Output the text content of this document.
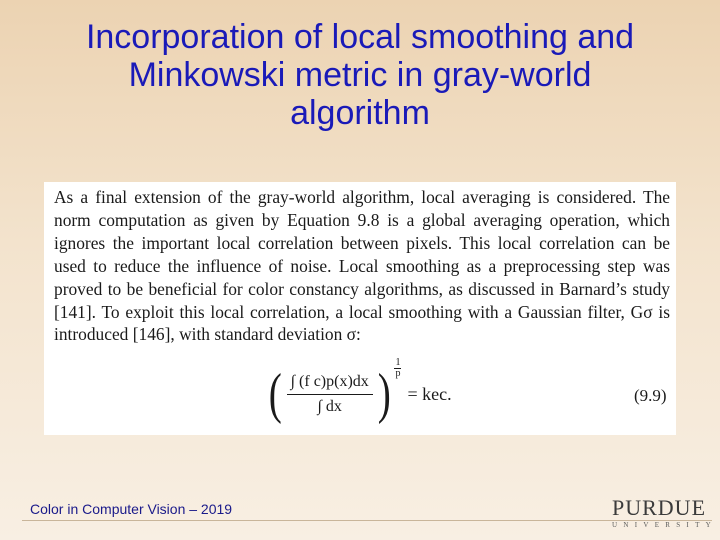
Incorporation of local smoothing and Minkowski metric in gray-world algorithm

As a final extension of the gray-world algorithm, local averaging is considered. The norm computation as given by Equation 9.8 is a global averaging operation, which ignores the important local correlation between pixels. This local correlation can be used to reduce the influence of noise. Local smoothing as a preprocessing step was proved to be beneficial for color constancy algorithms, as discussed in Barnard’s study [141]. To exploit this local correlation, a local smoothing with a Gaussian filter, Gσ is introduced [146], with standard deviation σ:

( $\frac{\text{∫ (f c)p(x)dx}}{\int dx}$ )
1
p
= kec.	(9.9)
Color in Computer Vision – 2019	PURDUE
UNIVERSITY
